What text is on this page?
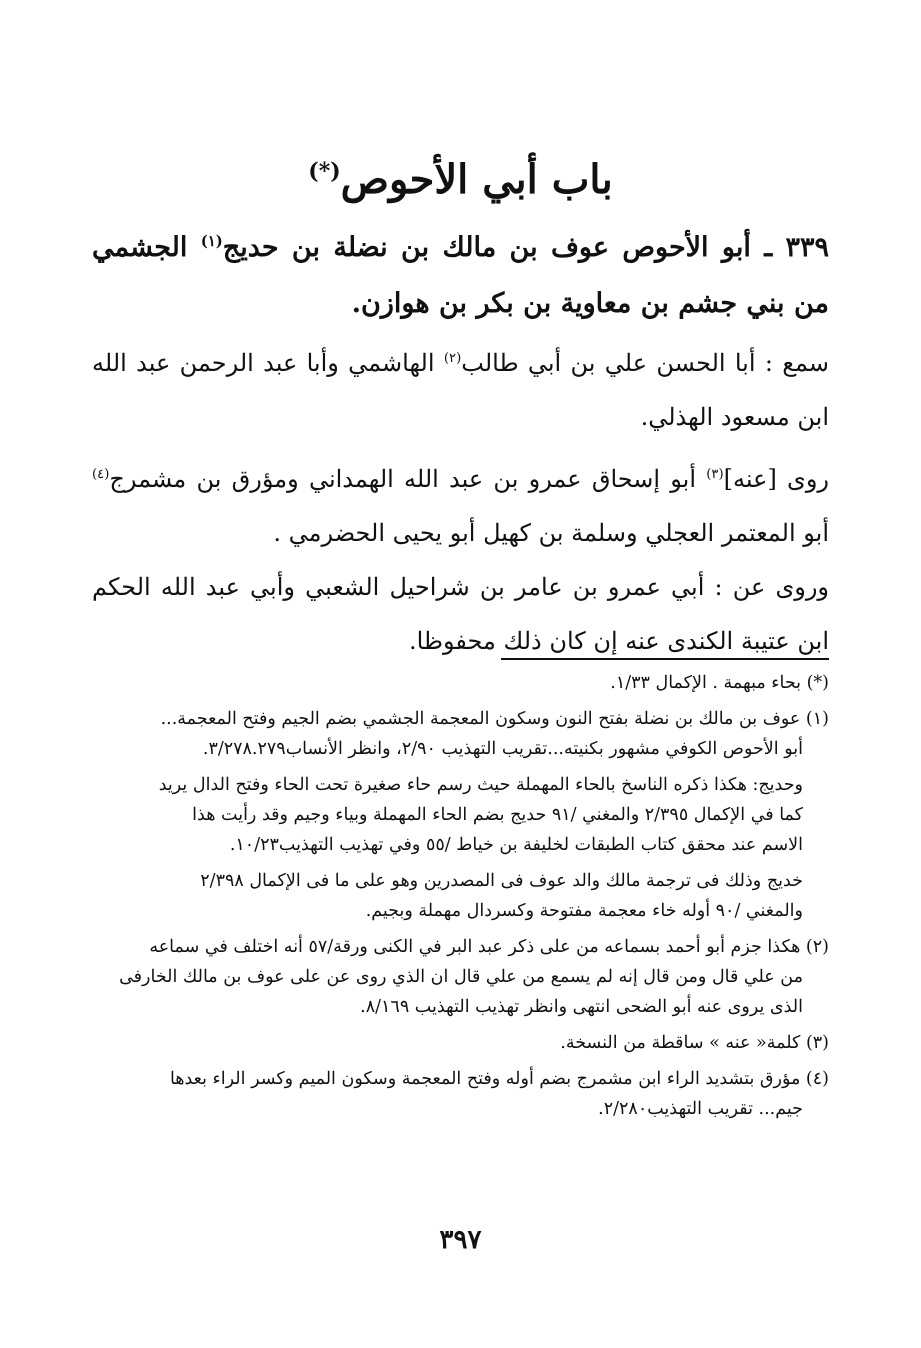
باب أبي الأحوص(*)
٣٣٩ ـ أبو الأحوص عوف بن مالك بن نضلة بن حديج$^{(١)}$ الجشمي من بني جشم بن معاوية بن بكر بن هوازن.
سمع : أبا الحسن علي بن أبي طالب$^{(٢)}$ الهاشمي وأبا عبد الرحمن عبد الله ابن مسعود الهذلي.
روى [عنه]$^{(٣)}$ أبو إسحاق عمرو بن عبد الله الهمداني ومؤرق بن مشمرج$^{(٤)}$ أبو المعتمر العجلي وسلمة بن كهيل أبو يحيى الحضرمي .
وروى عن : أبي عمرو بن عامر بن شراحيل الشعبي وأبي عبد الله الحكم ابن عتيبة الكندى عنه إن كان ذلك محفوظا.
(*) بحاء مبهمة . الإكمال ١/٣٣.
(١) عوف بن مالك بن نضلة بفتح النون وسكون المعجمة الجشمي بضم الجيم وفتح المعجمة...
أبو الأحوص الكوفي مشهور بكنيته...تقريب التهذيب ٢/٩٠، وانظر الأنساب٣/٢٧٨.٢٧٩.
وحديج: هكذا ذكره الناسخ بالحاء المهملة حيث رسم حاء صغيرة تحت الحاء وفتح الدال يريد
كما في الإكمال ٢/٣٩٥ والمغني /٩١ حديج بضم الحاء المهملة وبياء وجيم وقد رأيت هذا
الاسم عند محقق كتاب الطبقات لخليفة بن خياط /٥٥ وفي تهذيب التهذيب١٠/٢٣.
خديج وذلك فى ترجمة مالك والد عوف فى المصدرين وهو على ما فى الإكمال ٢/٣٩٨
والمغني /٩٠ أوله خاء معجمة مفتوحة وكسردال مهملة وبجيم.
(٢) هكذا جزم أبو أحمد بسماعه من على ذكر عبد البر في الكنى ورقة/٥٧ أنه اختلف في سماعه
من علي قال ومن قال إنه لم يسمع من علي قال ان الذي روى عن على عوف بن مالك الخارفى
الذى يروى عنه أبو الضحى انتهى وانظر تهذيب التهذيب ٨/١٦٩.
(٣) كلمة« عنه » ساقطة من النسخة.
(٤) مؤرق بتشديد الراء ابن مشمرج بضم أوله وفتح المعجمة وسكون الميم وكسر الراء بعدها
جيم... تقريب التهذيب٢/٢٨٠.
٣٩٧
